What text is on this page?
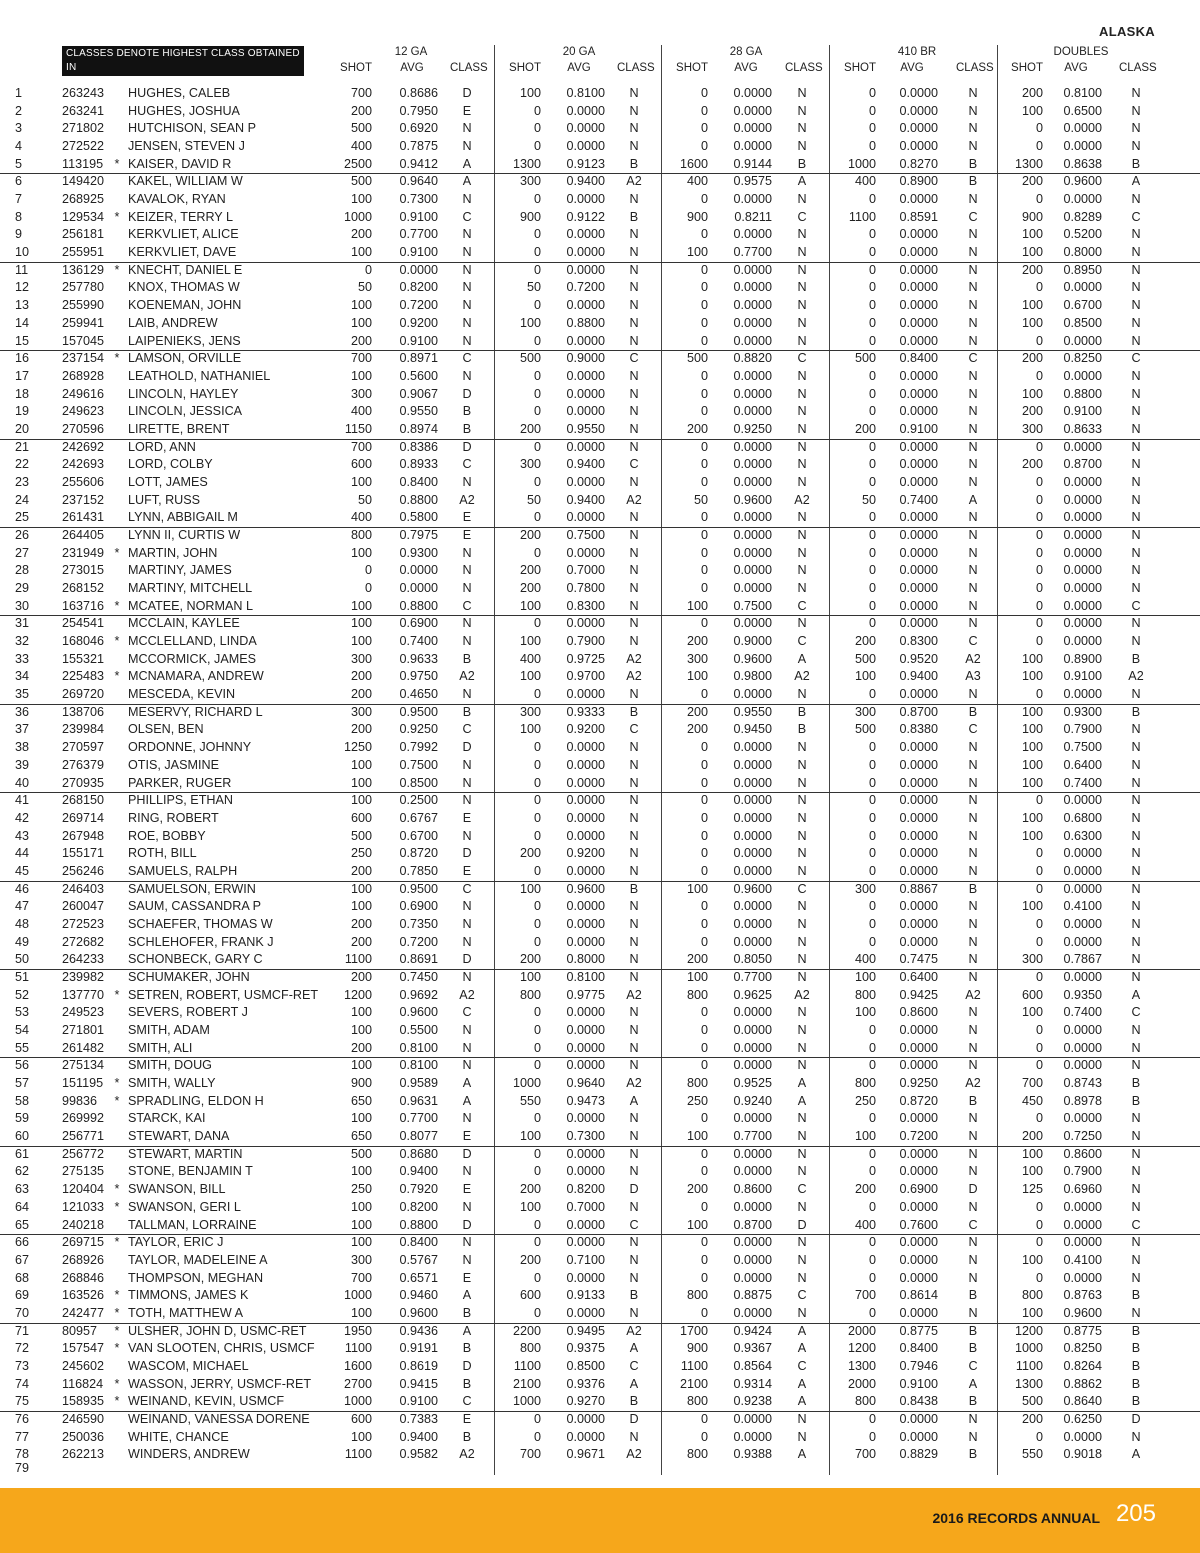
ALASKA
CLASSES DENOTE HIGHEST CLASS OBTAINED IN
2015, NOT THE BEGINNING CLASS FOR 2016.
12 GA	20 GA	28 GA	410 BR	DOUBLES
SHOT	AVG	CLASS	SHOT	AVG	CLASS	SHOT	AVG	CLASS	SHOT	AVG	CLASS	SHOT	AVG	CLASS
1	263243	HUGHES, CALEB	700	0.8686	D	100	0.8100	N	0	0.0000	N	0	0.0000	N	200	0.8100	N
2	263241	HUGHES, JOSHUA	200	0.7950	E	0	0.0000	N	0	0.0000	N	0	0.0000	N	100	0.6500	N
3	271802	HUTCHISON, SEAN P	500	0.6920	N	0	0.0000	N	0	0.0000	N	0	0.0000	N	0	0.0000	N
4	272522	JENSEN, STEVEN J	400	0.7875	N	0	0.0000	N	0	0.0000	N	0	0.0000	N	0	0.0000	N
5	113195 * KAISER, DAVID R	2500	0.9412	A	1300	0.9123	B	1600	0.9144	B	1000	0.8270	B	1300	0.8638	B
6	149420	KAKEL, WILLIAM W	500	0.9640	A	300	0.9400	A2	400	0.9575	A	400	0.8900	B	200	0.9600	A
7	268925	KAVALOK, RYAN	100	0.7300	N	0	0.0000	N	0	0.0000	N	0	0.0000	N	0	0.0000	N
8	129534 * KEIZER, TERRY L	1000	0.9100	C	900	0.9122	B	900	0.8211	C	1100	0.8591	C	900	0.8289	C
9	256181	KERKVLIET, ALICE	200	0.7700	N	0	0.0000	N	0	0.0000	N	0	0.0000	N	100	0.5200	N
10	255951	KERKVLIET, DAVE	100	0.9100	N	0	0.0000	N	100	0.7700	N	0	0.0000	N	100	0.8000	N
11	136129 * KNECHT, DANIEL E	0	0.0000	N	0	0.0000	N	0	0.0000	N	0	0.0000	N	200	0.8950	N
12	257780	KNOX, THOMAS W	50	0.8200	N	50	0.7200	N	0	0.0000	N	0	0.0000	N	0	0.0000	N
13	255990	KOENEMAN, JOHN	100	0.7200	N	0	0.0000	N	0	0.0000	N	0	0.0000	N	100	0.6700	N
14	259941	LAIB, ANDREW	100	0.9200	N	100	0.8800	N	0	0.0000	N	0	0.0000	N	100	0.8500	N
15	157045	LAIPENIEKS, JENS	200	0.9100	N	0	0.0000	N	0	0.0000	N	0	0.0000	N	0	0.0000	N
16	237154 * LAMSON, ORVILLE	700	0.8971	C	500	0.9000	C	500	0.8820	C	500	0.8400	C	200	0.8250	C
17	268928	LEATHOLD, NATHANIEL	100	0.5600	N	0	0.0000	N	0	0.0000	N	0	0.0000	N	0	0.0000	N
18	249616	LINCOLN, HAYLEY	300	0.9067	D	0	0.0000	N	0	0.0000	N	0	0.0000	N	100	0.8800	N
19	249623	LINCOLN, JESSICA	400	0.9550	B	0	0.0000	N	0	0.0000	N	0	0.0000	N	200	0.9100	N
20	270596	LIRETTE, BRENT	1150	0.8974	B	200	0.9550	N	200	0.9250	N	200	0.9100	N	300	0.8633	N
21	242692	LORD, ANN	700	0.8386	D	0	0.0000	N	0	0.0000	N	0	0.0000	N	0	0.0000	N
22	242693	LORD, COLBY	600	0.8933	C	300	0.9400	C	0	0.0000	N	0	0.0000	N	200	0.8700	N
23	255606	LOTT, JAMES	100	0.8400	N	0	0.0000	N	0	0.0000	N	0	0.0000	N	0	0.0000	N
24	237152	LUFT, RUSS	50	0.8800	A2	50	0.9400	A2	50	0.9600	A2	50	0.7400	A	0	0.0000	N
25	261431	LYNN, ABBIGAIL M	400	0.5800	E	0	0.0000	N	0	0.0000	N	0	0.0000	N	0	0.0000	N
26	264405	LYNN II, CURTIS W	800	0.7975	E	200	0.7500	N	0	0.0000	N	0	0.0000	N	0	0.0000	N
27	231949 * MARTIN, JOHN	100	0.9300	N	0	0.0000	N	0	0.0000	N	0	0.0000	N	0	0.0000	N
28	273015	MARTINY, JAMES	0	0.0000	N	200	0.7000	N	0	0.0000	N	0	0.0000	N	0	0.0000	N
29	268152	MARTINY, MITCHELL	0	0.0000	N	200	0.7800	N	0	0.0000	N	0	0.0000	N	0	0.0000	N
30	163716 * MCATEE, NORMAN L	100	0.8800	C	100	0.8300	N	100	0.7500	C	0	0.0000	N	0	0.0000	C
31	254541	MCCLAIN, KAYLEE	100	0.6900	N	0	0.0000	N	0	0.0000	N	0	0.0000	N	0	0.0000	N
32	168046 * MCCLELLAND, LINDA	100	0.7400	N	100	0.7900	N	200	0.9000	C	200	0.8300	C	0	0.0000	N
33	155321	MCCORMICK, JAMES	300	0.9633	B	400	0.9725	A2	300	0.9600	A	500	0.9520	A2	100	0.8900	B
34	225483 * MCNAMARA, ANDREW	200	0.9750	A2	100	0.9700	A2	100	0.9800	A2	100	0.9400	A3	100	0.9100	A2
35	269720	MESCEDA, KEVIN	200	0.4650	N	0	0.0000	N	0	0.0000	N	0	0.0000	N	0	0.0000	N
36	138706	MESERVY, RICHARD L	300	0.9500	B	300	0.9333	B	200	0.9550	B	300	0.8700	B	100	0.9300	B
37	239984	OLSEN, BEN	200	0.9250	C	100	0.9200	C	200	0.9450	B	500	0.8380	C	100	0.7900	N
38	270597	ORDONNE, JOHNNY	1250	0.7992	D	0	0.0000	N	0	0.0000	N	0	0.0000	N	100	0.7500	N
39	276379	OTIS, JASMINE	100	0.7500	N	0	0.0000	N	0	0.0000	N	0	0.0000	N	100	0.6400	N
40	270935	PARKER, RUGER	100	0.8500	N	0	0.0000	N	0	0.0000	N	0	0.0000	N	100	0.7400	N
41	268150	PHILLIPS, ETHAN	100	0.2500	N	0	0.0000	N	0	0.0000	N	0	0.0000	N	0	0.0000	N
42	269714	RING, ROBERT	600	0.6767	E	0	0.0000	N	0	0.0000	N	0	0.0000	N	100	0.6800	N
43	267948	ROE, BOBBY	500	0.6700	N	0	0.0000	N	0	0.0000	N	0	0.0000	N	100	0.6300	N
44	155171	ROTH, BILL	250	0.8720	D	200	0.9200	N	0	0.0000	N	0	0.0000	N	0	0.0000	N
45	256246	SAMUELS, RALPH	200	0.7850	E	0	0.0000	N	0	0.0000	N	0	0.0000	N	0	0.0000	N
46	246403	SAMUELSON, ERWIN	100	0.9500	C	100	0.9600	B	100	0.9600	C	300	0.8867	B	0	0.0000	N
47	260047	SAUM, CASSANDRA P	100	0.6900	N	0	0.0000	N	0	0.0000	N	0	0.0000	N	100	0.4100	N
48	272523	SCHAEFER, THOMAS W	200	0.7350	N	0	0.0000	N	0	0.0000	N	0	0.0000	N	0	0.0000	N
49	272682	SCHLEHOFER, FRANK J	200	0.7200	N	0	0.0000	N	0	0.0000	N	0	0.0000	N	0	0.0000	N
50	264233	SCHONBECK, GARY C	1100	0.8691	D	200	0.8000	N	200	0.8050	N	400	0.7475	N	300	0.7867	N
51	239982	SCHUMAKER, JOHN	200	0.7450	N	100	0.8100	N	100	0.7700	N	100	0.6400	N	0	0.0000	N
52	137770 * SETREN, ROBERT, USMCF-RET	1200	0.9692	A2	800	0.9775	A2	800	0.9625	A2	800	0.9425	A2	600	0.9350	A
53	249523	SEVERS, ROBERT J	100	0.9600	C	0	0.0000	N	0	0.0000	N	100	0.8600	N	100	0.7400	C
54	271801	SMITH, ADAM	100	0.5500	N	0	0.0000	N	0	0.0000	N	0	0.0000	N	0	0.0000	N
55	261482	SMITH, ALI	200	0.8100	N	0	0.0000	N	0	0.0000	N	0	0.0000	N	0	0.0000	N
56	275134	SMITH, DOUG	100	0.8100	N	0	0.0000	N	0	0.0000	N	0	0.0000	N	0	0.0000	N
57	151195 * SMITH, WALLY	900	0.9589	A	1000	0.9640	A2	800	0.9525	A	800	0.9250	A2	700	0.8743	B
58	99836	* SPRADLING, ELDON H	650	0.9631	A	550	0.9473	A	250	0.9240	A	250	0.8720	B	450	0.8978	B
59	269992	STARCK, KAI	100	0.7700	N	0	0.0000	N	0	0.0000	N	0	0.0000	N	0	0.0000	N
60	256771	STEWART, DANA	650	0.8077	E	100	0.7300	N	100	0.7700	N	100	0.7200	N	200	0.7250	N
61	256772	STEWART, MARTIN	500	0.8680	D	0	0.0000	N	0	0.0000	N	0	0.0000	N	100	0.8600	N
62	275135	STONE, BENJAMIN T	100	0.9400	N	0	0.0000	N	0	0.0000	N	0	0.0000	N	100	0.7900	N
63	120404 * SWANSON, BILL	250	0.7920	E	200	0.8200	D	200	0.8600	C	200	0.6900	D	125	0.6960	N
64	121033 * SWANSON, GERI L	100	0.8200	N	100	0.7000	N	0	0.0000	N	0	0.0000	N	0	0.0000	N
65	240218	TALLMAN, LORRAINE	100	0.8800	D	0	0.0000	C	100	0.8700	D	400	0.7600	C	0	0.0000	C
66	269715 * TAYLOR, ERIC J	100	0.8400	N	0	0.0000	N	0	0.0000	N	0	0.0000	N	0	0.0000	N
67	268926	TAYLOR, MADELEINE A	300	0.5767	N	200	0.7100	N	0	0.0000	N	0	0.0000	N	100	0.4100	N
68	268846	THOMPSON, MEGHAN	700	0.6571	E	0	0.0000	N	0	0.0000	N	0	0.0000	N	0	0.0000	N
69	163526 * TIMMONS, JAMES K	1000	0.9460	A	600	0.9133	B	800	0.8875	C	700	0.8614	B	800	0.8763	B
70	242477 * TOTH, MATTHEW A	100	0.9600	B	0	0.0000	N	0	0.0000	N	0	0.0000	N	100	0.9600	N
71	80957	* ULSHER, JOHN D, USMC-RET	1950	0.9436	A	2200	0.9495	A2	1700	0.9424	A	2000	0.8775	B	1200	0.8775	B
72	157547 * VAN SLOOTEN, CHRIS, USMCF	1100	0.9191	B	800	0.9375	A	900	0.9367	A	1200	0.8400	B	1000	0.8250	B
73	245602	WASCOM, MICHAEL	1600	0.8619	D	1100	0.8500	C	1100	0.8564	C	1300	0.7946	C	1100	0.8264	B
74	116824 * WASSON, JERRY, USMCF-RET	2700	0.9415	B	2100	0.9376	A	2100	0.9314	A	2000	0.9100	A	1300	0.8862	B
75	158935 * WEINAND, KEVIN, USMCF	1000	0.9100	C	1000	0.9270	B	800	0.9238	A	800	0.8438	B	500	0.8640	B
76	246590	WEINAND, VANESSA DORENE	600	0.7383	E	0	0.0000	D	0	0.0000	N	0	0.0000	N	200	0.6250	D
77	250036	WHITE, CHANCE	100	0.9400	B	0	0.0000	N	0	0.0000	N	0	0.0000	N	0	0.0000	N
78	262213	WINDERS, ANDREW	1100	0.9582	A2	700	0.9671	A2	800	0.9388	A	700	0.8829	B	550	0.9018	A
79
2016 RECORDS ANNUAL 205
